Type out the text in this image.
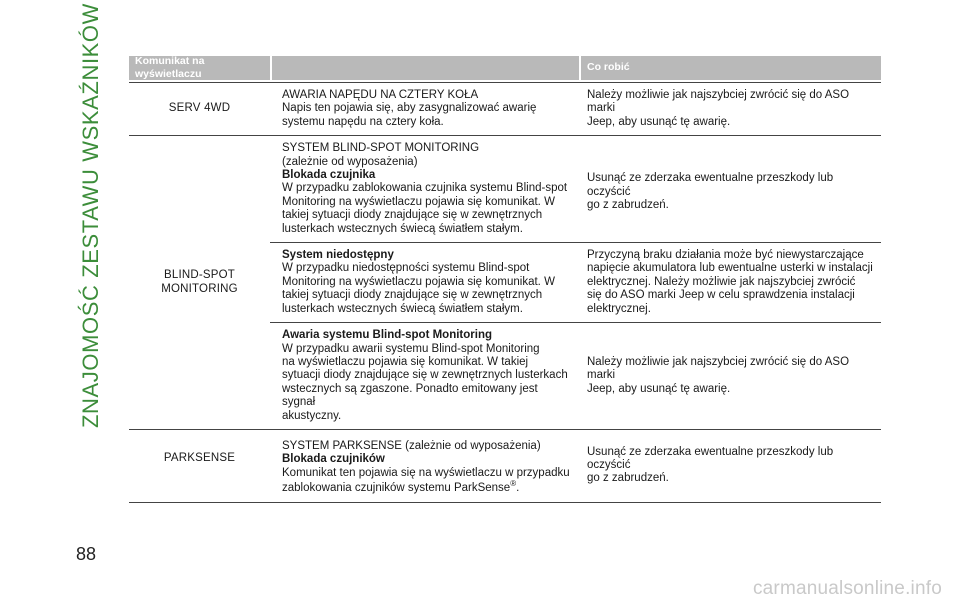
ZNAJOMOŚĆ ZESTAWU WSKAŹNIKÓW	Komunikat na wyświetlaczu
Co robić
SERV 4WD
AWARIA NAPĘDU NA CZTERY KOŁA
Napis ten pojawia się, aby zasygnalizować awarię
systemu napędu na cztery koła.
Należy możliwie jak najszybciej zwrócić się do ASO marki
Jeep, aby usunąć tę awarię.
BLIND-SPOT MONITORING
SYSTEM BLIND-SPOT MONITORING
(zależnie od wyposażenia)
Blokada czujnika
W przypadku zablokowania czujnika systemu Blind-spot
Monitoring na wyświetlaczu pojawia się komunikat. W
takiej sytuacji diody znajdujące się w zewnętrznych
lusterkach wstecznych świecą światłem stałym.
Usunąć ze zderzaka ewentualne przeszkody lub oczyścić
go z zabrudzeń.
System niedostępny
W przypadku niedostępności systemu Blind-spot
Monitoring na wyświetlaczu pojawia się komunikat. W
takiej sytuacji diody znajdujące się w zewnętrznych
lusterkach wstecznych świecą światłem stałym.
Przyczyną braku działania może być niewystarczające
napięcie akumulatora lub ewentualne usterki w instalacji
elektrycznej. Należy możliwie jak najszybciej zwrócić
się do ASO marki Jeep w celu sprawdzenia instalacji
elektrycznej.
Awaria systemu Blind-spot Monitoring
W przypadku awarii systemu Blind-spot Monitoring
na wyświetlaczu pojawia się komunikat. W takiej
sytuacji diody znajdujące się w zewnętrznych lusterkach
wstecznych są zgaszone. Ponadto emitowany jest sygnał
akustyczny.
Należy możliwie jak najszybciej zwrócić się do ASO marki
Jeep, aby usunąć tę awarię.
PARKSENSE
SYSTEM PARKSENSE (zależnie od wyposażenia)
Blokada czujników
Komunikat ten pojawia się na wyświetlaczu w przypadku
zablokowania czujników systemu ParkSense®.
Usunąć ze zderzaka ewentualne przeszkody lub oczyścić
go z zabrudzeń.
88
carmanualsonline.info
